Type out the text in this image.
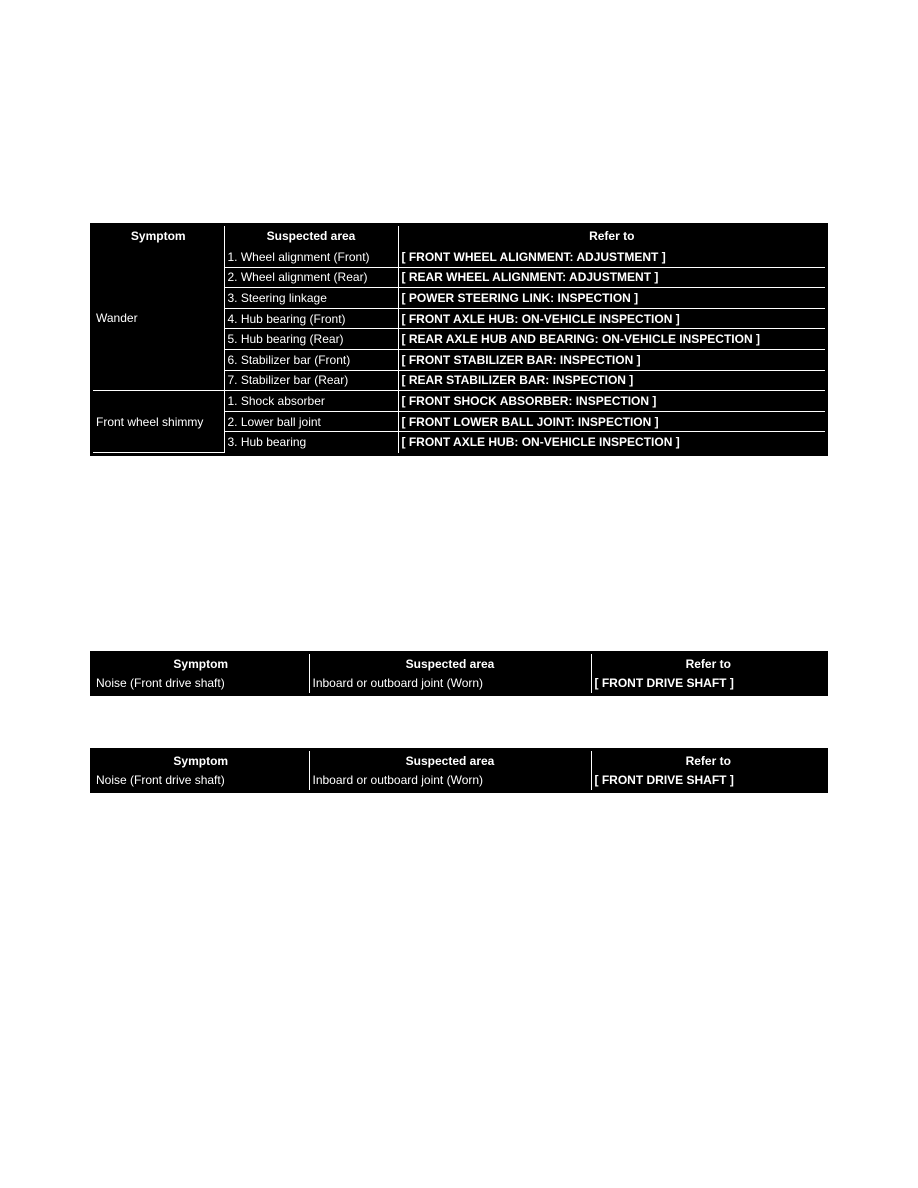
Symptom	Suspected area	Refer to
Wander	1. Wheel alignment (Front)	[ FRONT WHEEL ALIGNMENT: ADJUSTMENT ]
	2. Wheel alignment (Rear)	[ REAR WHEEL ALIGNMENT: ADJUSTMENT ]
	3. Steering linkage	[ POWER STEERING LINK: INSPECTION ]
	4. Hub bearing (Front)	[ FRONT AXLE HUB: ON-VEHICLE INSPECTION ]
	5. Hub bearing (Rear)	[ REAR AXLE HUB AND BEARING: ON-VEHICLE INSPECTION ]
	6. Stabilizer bar (Front)	[ FRONT STABILIZER BAR: INSPECTION ]
	7. Stabilizer bar (Rear)	[ REAR STABILIZER BAR: INSPECTION ]
Front wheel shimmy	1. Shock absorber	[ FRONT SHOCK ABSORBER: INSPECTION ]
	2. Lower ball joint	[ FRONT LOWER BALL JOINT: INSPECTION ]
	3. Hub bearing	[ FRONT AXLE HUB: ON-VEHICLE INSPECTION ]
Symptom	Suspected area	Refer to
Noise (Front drive shaft)	Inboard or outboard joint (Worn)	[ FRONT DRIVE SHAFT ]
Symptom	Suspected area	Refer to
Noise (Front drive shaft)	Inboard or outboard joint (Worn)	[ FRONT DRIVE SHAFT ]
